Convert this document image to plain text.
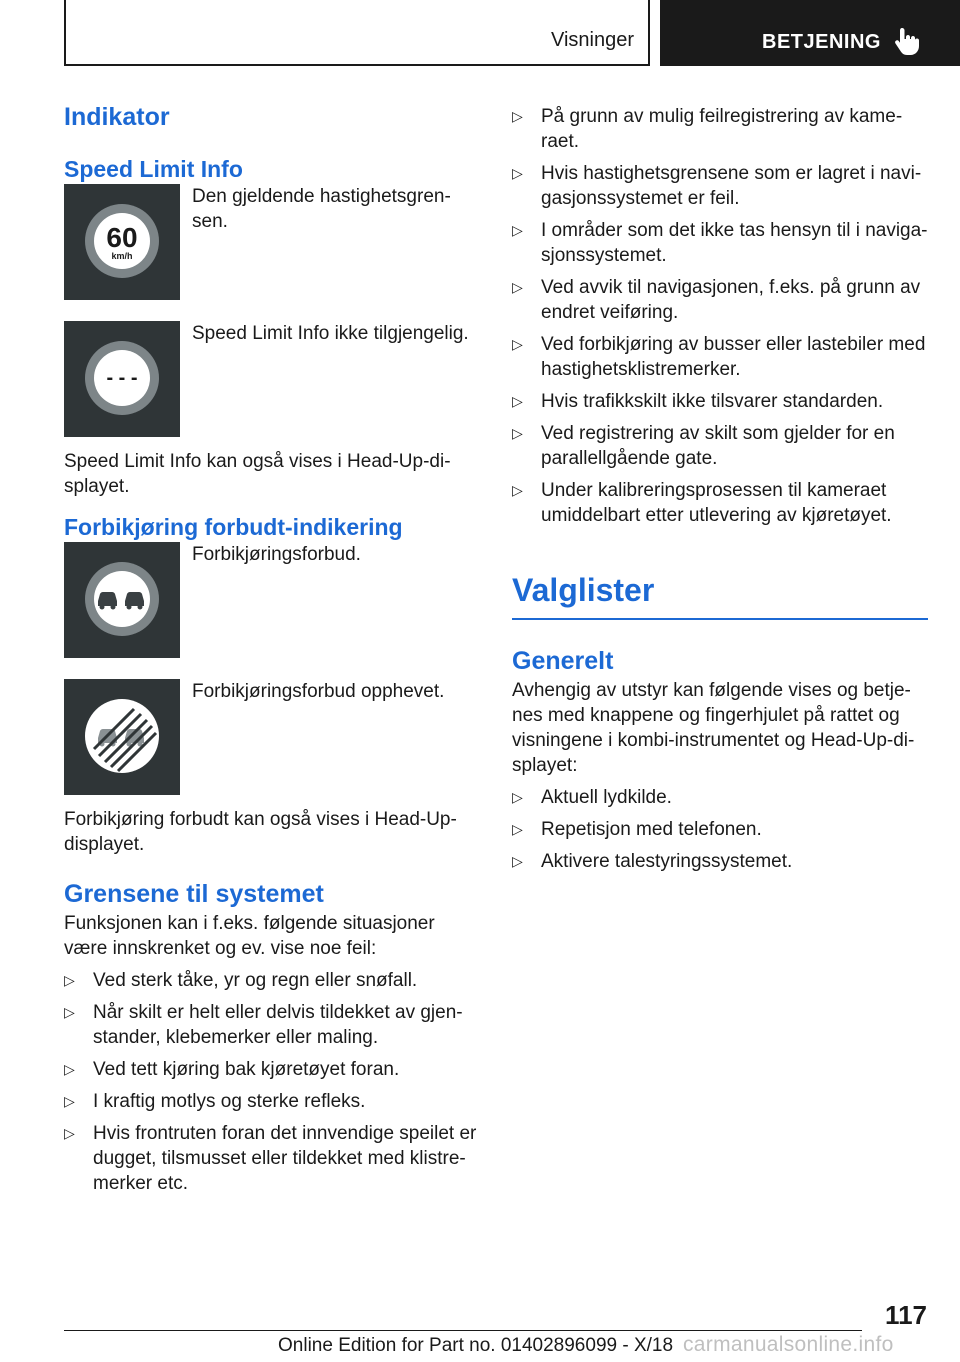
Visninger	BETJENING
Indikator
Speed Limit Info
60
km/h

Den gjeldende hastighetsgren-sen.

- - -

Speed Limit Info ikke tilgjengelig.

Speed Limit Info kan også vises i Head-Up-di-splayet.

Forbikjøring forbudt-indikering

Forbikjøringsforbud.

Forbikjøringsforbud opphevet.

Forbikjøring forbudt kan også vises i Head-Up-displayet.

Grensene til systemet

Funksjonen kan i f.eks. følgende situasjoner være innskrenket og ev. vise noe feil:

▷ Ved sterk tåke, yr og regn eller snøfall.
▷ Når skilt er helt eller delvis tildekket av gjen-stander, klebemerker eller maling.
▷ Ved tett kjøring bak kjøretøyet foran.
▷ I kraftig motlys og sterke refleks.
▷ Hvis frontruten foran det innvendige speilet er dugget, tilsmusset eller tildekket med klistre-merker etc.
▷ På grunn av mulig feilregistrering av kame-raet.
▷ Hvis hastighetsgrensene som er lagret i navi-gasjonssystemet er feil.
▷ I områder som det ikke tas hensyn til i naviga-sjonssystemet.
▷ Ved avvik til navigasjonen, f.eks. på grunn av endret veiføring.
▷ Ved forbikjøring av busser eller lastebiler med hastighetsklistremerker.
▷ Hvis trafikkskilt ikke tilsvarer standarden.
▷ Ved registrering av skilt som gjelder for en parallellgående gate.
▷ Under kalibreringsprosessen til kameraet umiddelbart etter utlevering av kjøretøyet.
Valglister
Generelt

Avhengig av utstyr kan følgende vises og betje-nes med knappene og fingerhjulet på rattet og visningene i kombi-instrumentet og Head-Up-di-splayet:

▷ Aktuell lydkilde.
▷ Repetisjon med telefonen.
▷ Aktivere talestyringssystemet.
117
Online Edition for Part no. 01402896099 - X/18 carmanualsonline.info
